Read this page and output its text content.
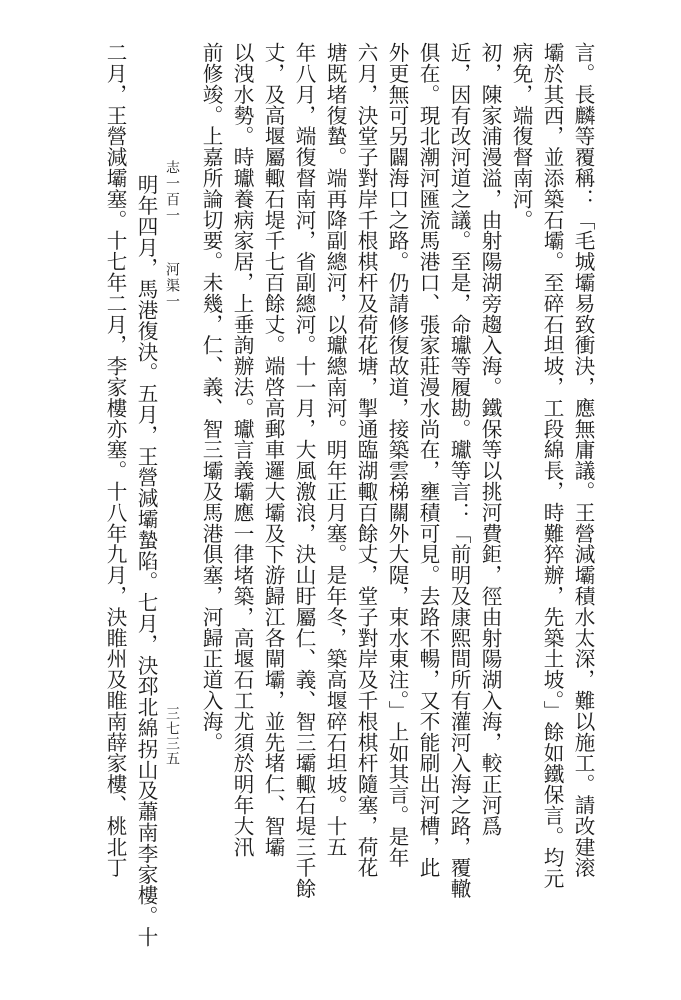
言。長麟等覆稱：「毛城壩易致衝決，應無庸議。王營減壩積水太深，難以施工。請改建滚
壩於其西，並添築石壩。至碎石坦坡，工段綿長，時難猝辦，先築土坡。」餘如鐵保言。均元
病免，端復督南河。
初，陳家浦漫溢，由射陽湖旁趨入海。鐵保等以挑河費鉅，徑由射陽湖入海，較正河爲
近，因有改河道之議。至是，命瓛等履勘。瓛等言：「前明及康熙間所有灌河入海之路，覆轍
俱在。現北潮河匯流馬港口、張家莊漫水尚在，壅積可見。去路不暢，又不能刷出河槽，此
外更無可另闢海口之路。仍請修復故道，接築雲梯關外大隄，束水東注。」上如其言。是年
六月，決堂子對岸千根棋杆及荷花塘，掣通臨湖輙百餘丈，堂子對岸及千根棋杆隨塞，荷花
塘既堵復蟄。端再降副總河，以瓛總南河。明年正月塞。是年冬，築高堰碎石坦坡。十五
年八月，端復督南河，省副總河。十一月，大風激浪，決山盱屬仁、義、智三壩輙石堤三千餘
丈，及高堰屬輙石堤千七百餘丈。端啓高郵車邏大壩及下游歸江各閘壩，並先堵仁、智壩
以洩水勢。時瓛養病家居，上垂詢辦法。瓛言義壩應一律堵築，高堰石工尤須於明年大汛
前修竣。上嘉所論切要。未幾，仁、義、智三壩及馬港俱塞，河歸正道入海。
明年四月，馬港復決。五月，王營減壩蟄陷。七月，決邳北綿拐山及蕭南李家樓。十
二月，王營減壩塞。十七年二月，李家樓亦塞。十八年九月，決睢州及睢南薛家樓、桃北丁	志一百一
河渠一
三七三五
